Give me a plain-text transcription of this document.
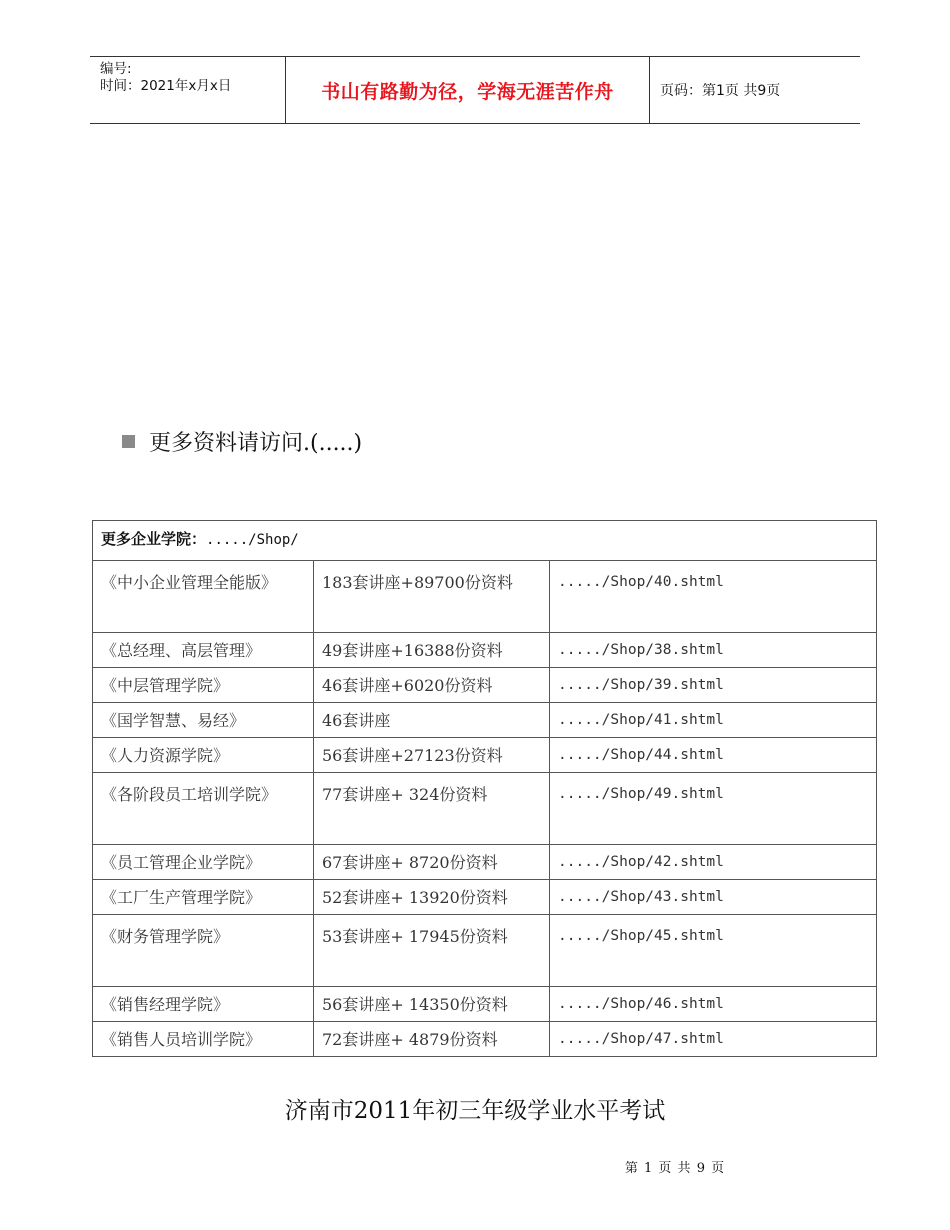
编号:
时间：2021年x月x日	书山有路勤为径，学海无涯苦作舟	页码：第1页 共9页
更多资料请访问.(.....)
更多企业学院：...../Shop/		
《中小企业管理全能版》	183套讲座+89700份资料	...../Shop/40.shtml
《总经理、高层管理》	49套讲座+16388份资料	...../Shop/38.shtml
《中层管理学院》	46套讲座+6020份资料	...../Shop/39.shtml
《国学智慧、易经》	46套讲座	...../Shop/41.shtml
《人力资源学院》	56套讲座+27123份资料	...../Shop/44.shtml
《各阶段员工培训学院》	77套讲座+ 324份资料	...../Shop/49.shtml
《员工管理企业学院》	67套讲座+ 8720份资料	...../Shop/42.shtml
《工厂生产管理学院》	52套讲座+ 13920份资料	...../Shop/43.shtml
《财务管理学院》	53套讲座+ 17945份资料	...../Shop/45.shtml
《销售经理学院》	56套讲座+ 14350份资料	...../Shop/46.shtml
《销售人员培训学院》	72套讲座+ 4879份资料	...../Shop/47.shtml
济南市2011年初三年级学业水平考试
第 1 页 共 9 页
